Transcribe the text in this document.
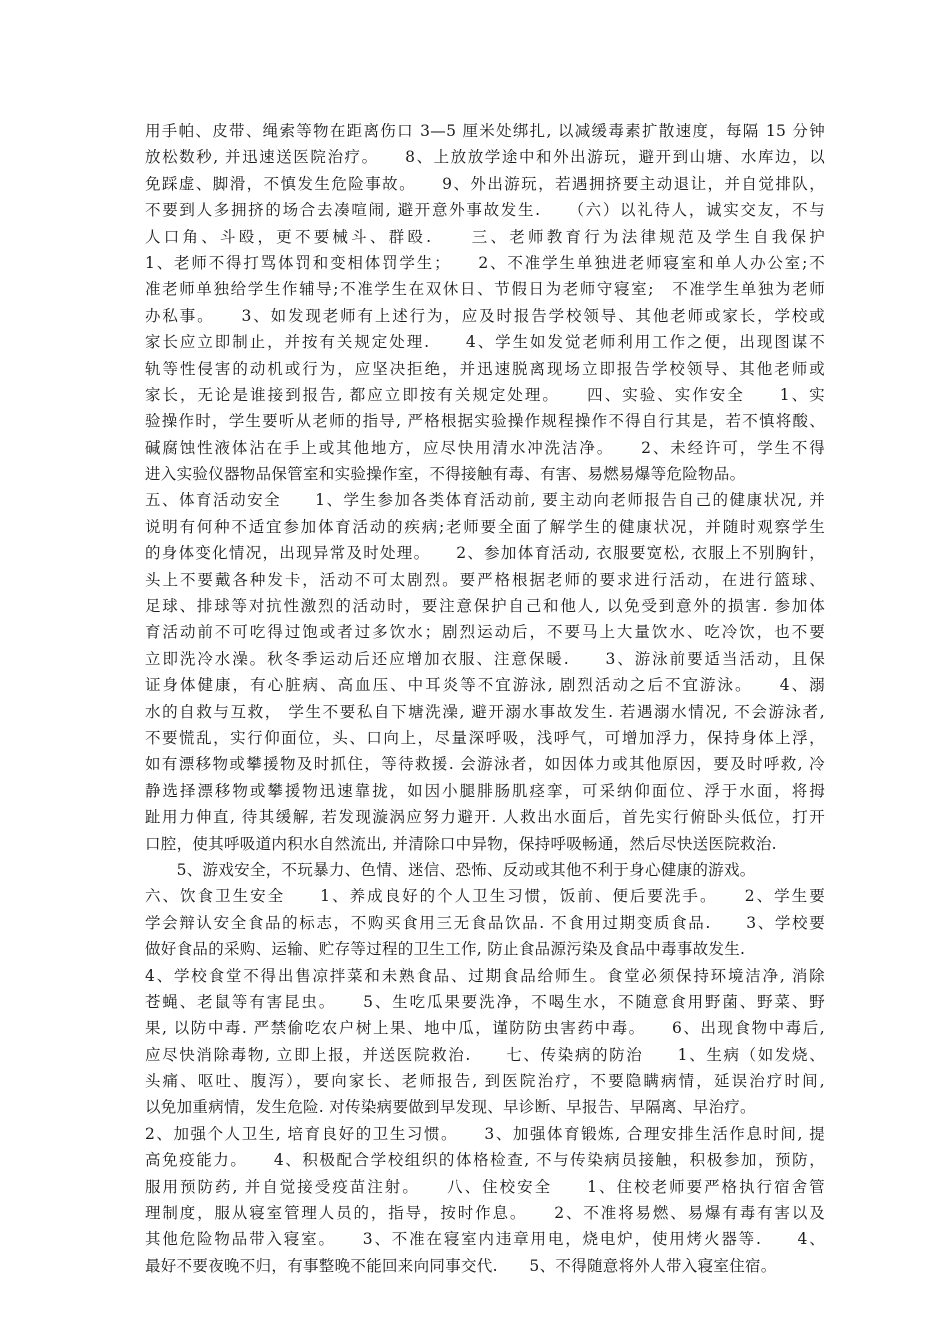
用手帕、皮带、绳索等物在距离伤口 3—5 厘米处绑扎, 以减缓毒素扩散速度，每隔 15 分钟
放松数秒, 并迅速送医院治疗。　　8、上放放学途中和外出游玩，避开到山塘、水库边，以
免踩虚、脚滑，不慎发生危险事故。　　9、外出游玩，若遇拥挤要主动退让，并自觉排队，
不要到人多拥挤的场合去凑喧闹, 避开意外事故发生.　　（六）以礼待人，诚实交友，不与
人口角、斗殴，更不要械斗、群殴.　　三、老师教育行为法律规范及学生自我保护
1、老师不得打骂体罚和变相体罚学生；　　2、不准学生单独进老师寝室和单人办公室;不
准老师单独给学生作辅导;不准学生在双休日、节假日为老师守寝室;　不准学生单独为老师
办私事。　　3、如发现老师有上述行为，应及时报告学校领导、其他老师或家长，学校或
家长应立即制止，并按有关规定处理.　　4、学生如发觉老师利用工作之便，出现图谋不
轨等性侵害的动机或行为，应坚决拒绝，并迅速脱离现场立即报告学校领导、其他老师或
家长，无论是谁接到报告, 都应立即按有关规定处理。　　四、实验、实作安全　　1、实
验操作时，学生要听从老师的指导, 严格根据实验操作规程操作不得自行其是，若不慎将酸、
碱腐蚀性液体沾在手上或其他地方，应尽快用清水冲洗洁净。　　2、未经许可，学生不得
进入实验仪器物品保管室和实验操作室，不得接触有毒、有害、易燃易爆等危险物品。
五、体育活动安全　　1、学生参加各类体育活动前, 要主动向老师报告自己的健康状况, 并
说明有何种不适宜参加体育活动的疾病;老师要全面了解学生的健康状况，并随时观察学生
的身体变化情况，出现异常及时处理。　　2、参加体育活动, 衣服要宽松, 衣服上不别胸针，
头上不要戴各种发卡，活动不可太剧烈。要严格根据老师的要求进行活动，在进行篮球、
足球、排球等对抗性激烈的活动时，要注意保护自己和他人, 以免受到意外的损害. 参加体
育活动前不可吃得过饱或者过多饮水；剧烈运动后，不要马上大量饮水、吃冷饮，也不要
立即洗冷水澡。秋冬季运动后还应增加衣服、注意保暖.　　3、游泳前要适当活动，且保
证身体健康，有心脏病、高血压、中耳炎等不宜游泳, 剧烈活动之后不宜游泳。　　4、溺
水的自救与互救， 学生不要私自下塘洗澡, 避开溺水事故发生. 若遇溺水情况, 不会游泳者,
不要慌乱，实行仰面位，头、口向上，尽量深呼吸，浅呼气，可增加浮力，保持身体上浮，
如有漂移物或攀援物及时抓住，等待救援. 会游泳者，如因体力或其他原因，要及时呼救, 冷
静选择漂移物或攀援物迅速靠拢，如因小腿腓肠肌痉挛，可采纳仰面位、浮于水面，将拇
趾用力伸直, 待其缓解, 若发现漩涡应努力避开. 人救出水面后，首先实行俯卧头低位，打开
口腔，使其呼吸道内积水自然流出, 并清除口中异物，保持呼吸畅通，然后尽快送医院救治.
　　5、游戏安全，不玩暴力、色情、迷信、恐怖、反动或其他不利于身心健康的游戏。
六、饮食卫生安全　　1、养成良好的个人卫生习惯，饭前、便后要洗手。　　2、学生要
学会辩认安全食品的标志，不购买食用三无食品饮品. 不食用过期变质食品.　　3、学校要
做好食品的采购、运输、贮存等过程的卫生工作, 防止食品源污染及食品中毒事故发生.
4、学校食堂不得出售凉拌菜和未熟食品、过期食品给师生。食堂必须保持环境洁净, 消除
苍蝇、老鼠等有害昆虫。　　5、生吃瓜果要洗净，不喝生水，不随意食用野菌、野菜、野
果, 以防中毒. 严禁偷吃农户树上果、地中瓜，谨防防虫害药中毒。　　6、出现食物中毒后,
应尽快消除毒物, 立即上报，并送医院救治.　　七、传染病的防治　　1、生病（如发烧、
头痛、呕吐、腹泻），要向家长、老师报告, 到医院治疗，不要隐瞒病情，延误治疗时间,
以免加重病情，发生危险. 对传染病要做到早发现、早诊断、早报告、早隔离、早治疗。
2、加强个人卫生, 培育良好的卫生习惯。　　3、加强体育锻炼, 合理安排生活作息时间, 提
高免疫能力。　　4、积极配合学校组织的体格检查, 不与传染病员接触，积极参加，预防，
服用预防药, 并自觉接受疫苗注射。　　八、住校安全　　1、住校老师要严格执行宿舍管
理制度，服从寝室管理人员的，指导，按时作息。　　2、不准将易燃、易爆有毒有害以及
其他危险物品带入寝室。　　3、不准在寝室内违章用电，烧电炉，使用烤火器等.　　4、
最好不要夜晚不归，有事整晚不能回来向同事交代.　　5、不得随意将外人带入寝室住宿。
